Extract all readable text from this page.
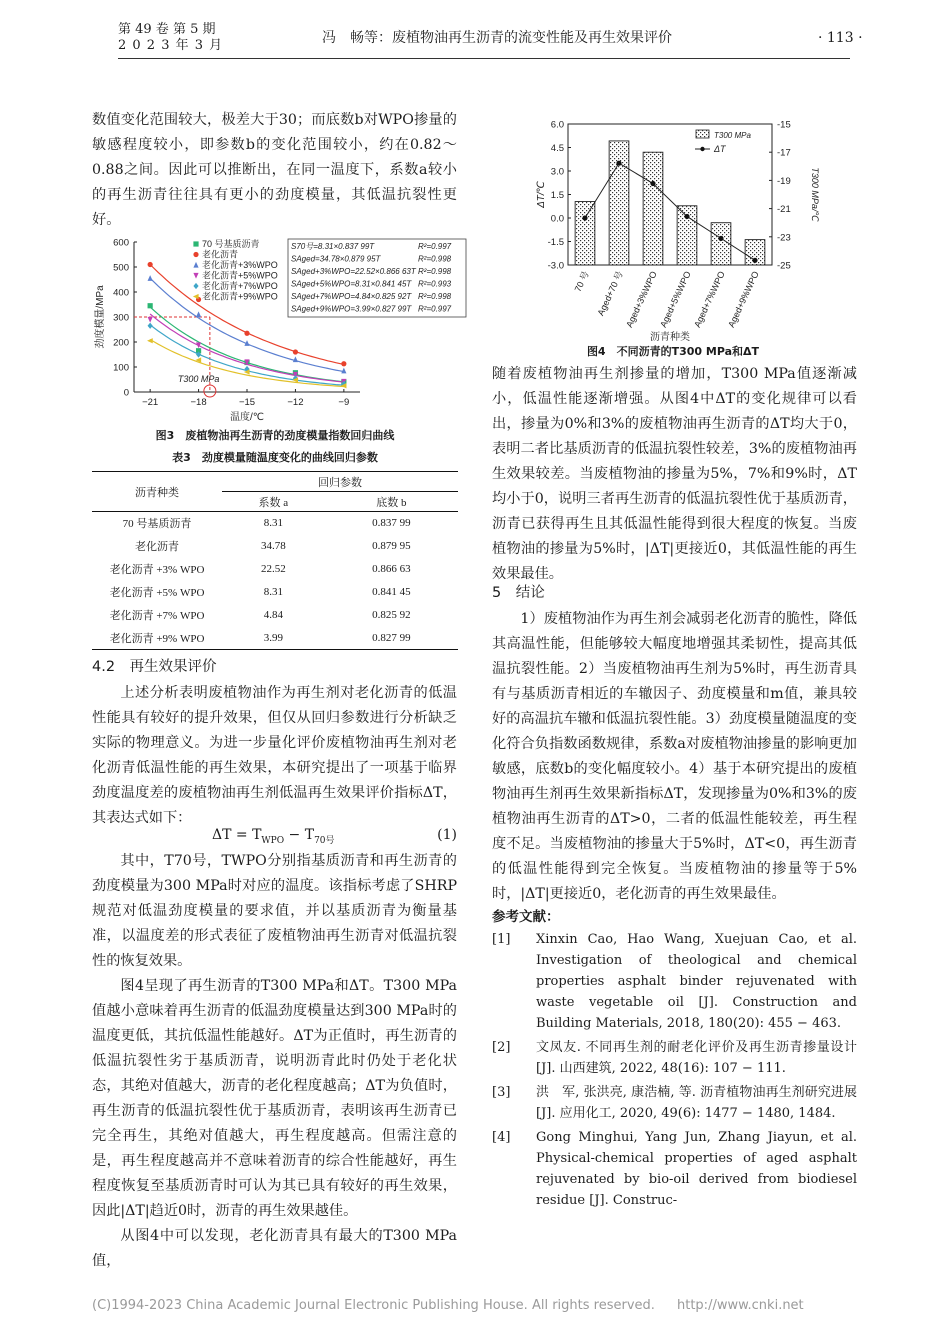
第 49 卷 第 5 期
2 0 2 3 年 3 月	冯　畅等：废植物油再生沥青的流变性能及再生效果评价	· 113 ·

数值变化范围较大，极差大于30；而底数b对WPO掺量的敏感程度较小，即参数b的变化范围较小，约在0.82～0.88之间。因此可以推断出，在同一温度下，系数a较小的再生沥青往往具有更小的劲度模量，其低温抗裂性更好。

0
100
200
300
400
500
600
−21	−18	−15	−12	−9
劲度模量/MPa
温度/℃
T300 MPa
70 号基质沥青
老化沥青
老化沥青+3%WPO
老化沥青+5%WPO
老化沥青+7%WPO
老化沥青+9%WPO
S70号=8.31×0.837 99T	R²=0.997
SAged=34.78×0.879 95T	R²=0.998
SAged+3%WPO=22.52×0.866 63T R²=0.998
SAged+5%WPO=8.31×0.841 45T R²=0.993
SAged+7%WPO=4.84×0.825 92T R²=0.998
SAged+9%WPO=3.99×0.827 99T R²=0.997
图3　废植物油再生沥青的劲度模量指数回归曲线
表3　劲度模量随温度变化的曲线回归参数
沥青种类	回归参数	
	系数 a	底数 b
70 号基质沥青	8.31	0.837 99
老化沥青	34.78	0.879 95
老化沥青 +3% WPO	22.52	0.866 63
老化沥青 +5% WPO	8.31	0.841 45
老化沥青 +7% WPO	4.84	0.825 92
老化沥青 +9% WPO	3.99	0.827 99
4.2　再生效果评价

上述分析表明废植物油作为再生剂对老化沥青的低温性能具有较好的提升效果，但仅从回归参数进行分析缺乏实际的物理意义。为进一步量化评价废植物油再生剂对老化沥青低温性能的再生效果，本研究提出了一项基于临界劲度温度差的废植物油再生剂低温再生效果评价指标ΔT，其表达式如下：

$\Delta T = T_{WPO} - T_{70号}$	(1)

其中，T70号，TWPO分别指基质沥青和再生沥青的劲度模量为300 MPa时对应的温度。该指标考虑了SHRP规范对低温劲度模量的要求值，并以基质沥青为衡量基准，以温度差的形式表征了废植物油再生沥青对低温抗裂性的恢复效果。

图4呈现了再生沥青的T300 MPa和ΔT。T300 MPa值越小意味着再生沥青的低温劲度模量达到300 MPa时的温度更低，其抗低温性能越好。ΔT为正值时，再生沥青的低温抗裂性劣于基质沥青，说明沥青此时仍处于老化状态，其绝对值越大，沥青的老化程度越高；ΔT为负值时，再生沥青的低温抗裂性优于基质沥青，表明该再生沥青已完全再生，其绝对值越大，再生程度越高。但需注意的是，再生程度越高并不意味着沥青的综合性能越好，再生程度恢复至基质沥青时可认为其已具有较好的再生效果，因此|ΔT|趋近0时，沥青的再生效果越佳。

从图4中可以发现，老化沥青具有最大的T300 MPa值，

-3.0
-1.5
0.0
1.5
3.0
4.5
6.0
-25
-23
-21
-19
-17
-15
ΔT/℃	T300 MPa/℃
70 号 Aged+70 号 Aged+3%WPO Aged+5%WPO Aged+7%WPO Aged+9%WPO
T300 MPa
ΔT
沥青种类
图4　不同沥青的T300 MPa和ΔT

随着废植物油再生剂掺量的增加，T300 MPa值逐渐减小，低温性能逐渐增强。从图4中ΔT的变化规律可以看出，掺量为0%和3%的废植物油再生沥青的ΔT均大于0，表明二者比基质沥青的低温抗裂性较差，3%的废植物油再生效果较差。当废植物油的掺量为5%，7%和9%时，ΔT均小于0，说明三者再生沥青的低温抗裂性优于基质沥青，沥青已获得再生且其低温性能得到很大程度的恢复。当废植物油的掺量为5%时，|ΔT|更接近0，其低温性能的再生效果最佳。

5　结论

1）废植物油作为再生剂会减弱老化沥青的脆性，降低其高温性能，但能够较大幅度地增强其柔韧性，提高其低温抗裂性能。2）当废植物油再生剂为5%时，再生沥青具有与基质沥青相近的车辙因子、劲度模量和m值，兼具较好的高温抗车辙和低温抗裂性能。3）劲度模量随温度的变化符合负指数函数规律，系数a对废植物油掺量的影响更加敏感，底数b的变化幅度较小。4）基于本研究提出的废植物油再生剂再生效果新指标ΔT，发现掺量为0%和3%的废植物油再生沥青的ΔT>0，二者的低温性能较差，再生程度不足。当废植物油的掺量大于5%时，ΔT<0，再生沥青的低温性能得到完全恢复。当废植物油的掺量等于5%时，|ΔT|更接近0，老化沥青的再生效果最佳。

参考文献：
[1] Xinxin Cao, Hao Wang, Xuejuan Cao, et al. Investigation of theological and chemical properties asphalt binder rejuvenated with waste vegetable oil [J]. Construction and Building Materials, 2018, 180(20): 455 − 463.
[2] 文凤友. 不同再生剂的耐老化评价及再生沥青掺量设计[J]. 山西建筑, 2022, 48(16): 107 − 111.
[3] 洪　军, 张洪亮, 康浩楠, 等. 沥青植物油再生剂研究进展[J]. 应用化工, 2020, 49(6): 1477 − 1480, 1484.
[4] Gong Minghui, Yang Jun, Zhang Jiayun, et al. Physical-chemical properties of aged asphalt rejuvenated by bio-oil derived from biodiesel residue [J]. Construc-
(C)1994-2023 China Academic Journal Electronic Publishing House. All rights reserved. http://www.cnki.net
